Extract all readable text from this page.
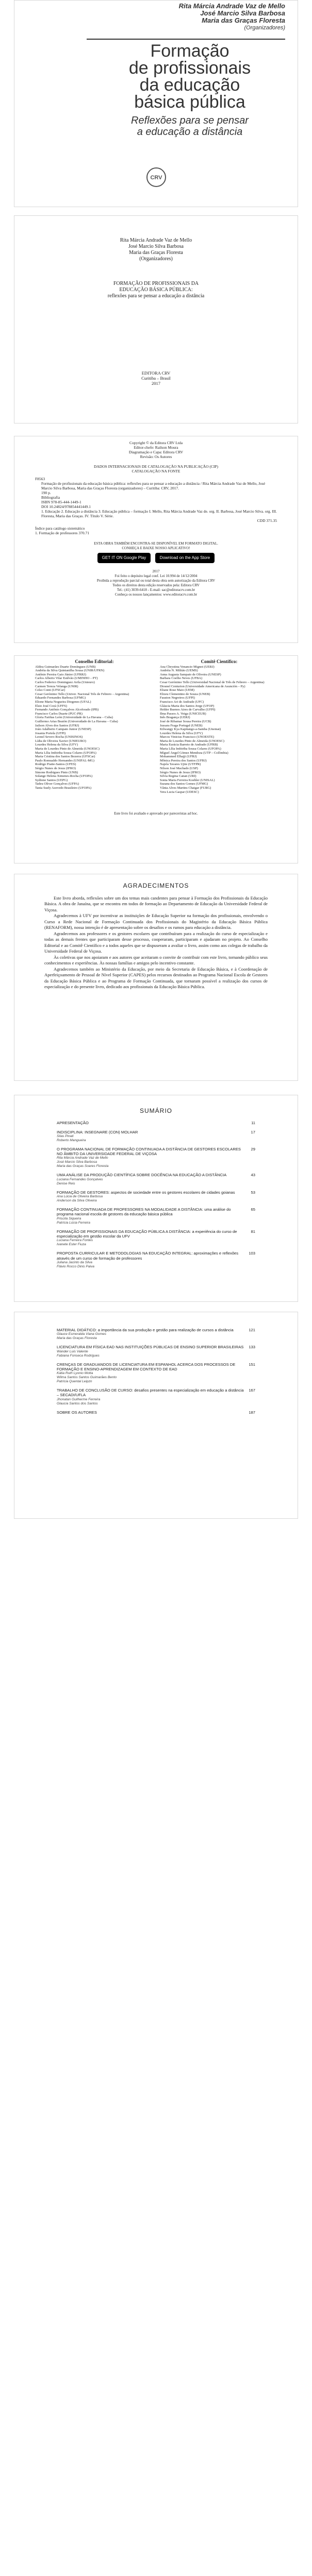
Rita Márcia Andrade Vaz de Mello
José Marcio Silva Barbosa
Maria das Graças Floresta
(Organizadores)
Formação
de profissionais
da educação
básica pública
Reflexões para se pensar
a educação a distância
CRV
Rita Márcia Andrade Vaz de Mello
José Marcio Silva Barbosa
Maria das Graças Floresta
(Organizadores)
FORMAÇÃO DE PROFISSIONAIS DA
EDUCAÇÃO BÁSICA PÚBLICA:
reflexões para se pensar a educação a distância
EDITORA CRV
Curitiba – Brasil
2017
Copyright © da Editora CRV Ltda
Editor-chefe: Railson Moura
Diagramação e Capa: Editora CRV
Revisão: Os Autores
DADOS INTERNACIONAIS DE CATALOGAÇÃO NA PUBLICAÇÃO (CIP)
CATALOGAÇÃO NA FONTE
F8563
Formação de profissionais da educação básica pública: reflexões para se pensar a educação a distância / Rita Márcia Andrade Vaz de Mello, José Marcio Silva Barbosa, Maria das Graças Floresta (organizadores) – Curitiba: CRV, 2017.
190 p.
Bibliografia
ISBN 978-85-444-1449-1
DOI 10.24824/978854441449.1
1. Educação 2. Educação a distância 3. Educação pública – formação I. Mello, Rita Márcia Andrade Vaz de. org. II. Barbosa, José Marcio Silva. org. III. Floresta, Maria das Graças. IV. Título V. Série.
CDD 371.35
Índice para catálogo sistemático
1. Formação de professores 370.71
ESTA OBRA TAMBÉM ENCONTRA-SE DISPONÍVEL EM FORMATO DIGITAL.
CONHEÇA E BAIXE NOSSO APLICATIVO!
GET IT ON Google Play	Download on the App Store
2017
Foi feito o depósito legal conf. Lei 10.994 de 14/12/2004
Proibida a reprodução parcial ou total desta obra sem autorização da Editora CRV
Todos os direitos desta edição reservados pela: Editora CRV
Tel.: (41) 3039-6418 - E-mail: sac@editoracrv.com.br
Conheça os nossos lançamentos: www.editoracrv.com.br
Conselho Editorial:
Aldira Guimarães Duarte Domínguez (UNB)
Andréia da Silva Quintanilha Sousa (UNIR/UFRN)
Antônio Pereira Gaio Júnior (UFRRJ)
Carlos Alberto Vilar Estêvão (UMINHO – PT)
Carlos Federico Dominguez Avila (Unieuro)
Carmen Tereza Velanga (UNIR)
Celso Conti (UFSCar)
Cesar Gerónimo Tello (Univer. Nacional Três de Febrero – Argentina)
Eduardo Fernandes Barbosa (UFMG)
Elione Maria Nogueira Diogenes (UFAL)
Élsio José Corá (UFFS)
Fernando Antônio Gonçalves Alcoforado (IPB)
Francisco Carlos Duarte (PUC-PR)
Gloria Fariñas León (Universidade de La Havana – Cuba)
Guillermo Arias Beatón (Universidade de La Havana – Cuba)
Jailson Alves dos Santos (UFRJ)
João Adalberto Campato Junior (UNESP)
Josania Portela (UFPI)
Leonel Severo Rocha (UNISINOS)
Lídia de Oliveira Xavier (UNIEURO)
Lourdes Helena da Silva (UFV)
Maria de Lourdes Pinto de Almeida (UNOESC)
Maria Lília Imbiriba Sousa Colares (UFOPA)
Maria Cristina dos Santos Bezerra (UFSCar)
Paulo Romualdo Hernandes (UNIFAL-MG)
Rodrigo Pratte-Santos (UFES)
Sérgio Nunes de Jesus (IFRO)
Simone Rodrigues Pinto (UNB)
Solange Helena Ximenes-Rocha (UFOPA)
Sydione Santos (UEPG)
Tadeu Oliver Gonçalves (UFPA)
Tania Suely Azevedo Brasileiro (UFOPA)
Comitê Científico:
Ana Chrystina Venancio Mignot (UERJ)
Andréia N. Militão (UEMS)
Anna Augusta Sampaio de Oliveira (UNESP)
Barbara Coelho Neves (UFBA)
Cesar Gerónimo Tello (Universidad Nacional de Três de Febrero – Argentina)
Diosnel Centurion (Universidade Americana de Asunción – Py)
Eliane Rose Maio (UEM)
Elizeu Clementino de Souza (UNEB)
Fauston Negreiros (UFPI)
Francisco Ari de Andrade (UFC)
Gláucia Maria dos Santos Jorge (UFOP)
Helder Buenos Aires de Carvalho (UFPI)
Ilma Passos A. Veiga (UNICEUB)
Inês Bragança (UERJ)
José de Ribamar Sousa Pereira (UCB)
Jussara Fraga Portugal (UNEB)
Kilwangy Kya Kapitango-a-Samba (Unemat)
Lourdes Helena da Silva (UFV)
Marcos Vinicius Francisco (UNOESTE)
Maria de Lourdes Pinto de Almeida (UNOESC)
Maria Eurácia Barreto de Andrade (UFRB)
Maria Lília Imbiriba Sousa Colares (UFOPA)
Míguel Ángel Gómez Mendoza (UTP – Colômbia)
Mohammed Elhajji (UFRJ)
Mônica Pereira dos Santos (UFRJ)
Najela Tavares Ujiie (UTFPR)
Nilson José Machado (USP)
Sérgio Nunes de Jesus (IFRO)
Silvia Regina Canan (URI)
Sonia Maria Ferreira Koehler (UNISAL)
Suzana dos Santos Gomes (UFMG)
Vânia Alves Martins Chaigar (FURG)
Vera Lucia Gaspar (UDESC)
Este livro foi avaliado e aprovado por pareceristas ad hoc.
AGRADECIMENTOS

Este livro aborda, reflexões sobre um dos temas mais candentes para pensar à Formação dos Profissionais da Educação Básica. A obra de Janaína, que se encontra em todos de formação ao Departamento de Educação da Universidade Federal de Viçosa.

Agradecemos à UFV por incentivar as instituições de Educação Superior na formação dos profissionais, envolvendo o Curso a Rede Nacional de Formação Continuada dos Profissionais do Magistério da Educação Básica Pública (RENAFORM), nossa intenção é de apresentação sobre os desafios e os rumos para educação a distância.

Agradecemos aos professores e os gestores escolares que contribuíram para a realização do curso de especialização e todas as demais frentes que participaram desse processo, cooperaram, participaram e ajudaram no projeto. Ao Conselho Editorial e ao Comitê Científico e a todos aqueles que se dispuseram a avaliar o livro, assim como aos colegas de trabalho da Universidade Federal de Viçosa.

Às coletivas que nos apoiaram e aos autores que aceitaram o convite de contribuir com este livro, tornando público seus conhecimentos e experiências. Às nossas famílias e amigos pelo incentivo constante.

Agradecemos também ao Ministério da Educação, por meio da Secretaria de Educação Básica, e à Coordenação de Aperfeiçoamento de Pessoal de Nível Superior (CAPES) pelos recursos destinados ao Programa Nacional Escola de Gestores da Educação Básica Pública e ao Programa de Formação Continuada, que tornaram possível a realização dos cursos de especialização e do presente livro, dedicado aos profissionais da Educação Básica Pública.

SUMÁRIO
APRESENTAÇÃO	11
INDISCIPLINA: INSEGNARE (CON) MOLHAR	17
Silas Pinati
Roberto Mangueira
O PROGRAMA NACIONAL DE FORMAÇÃO CONTINUADA A DISTÂNCIA DE GESTORES ESCOLARES NO ÂMBITO DA UNIVERSIDADE FEDERAL DE VIÇOSA
29
Rita Márcia Andrade Vaz de Mello
José Marcio Silva Barbosa
Maria das Graças Soares Floresta
UMA ANÁLISE DA PRODUÇÃO CIENTÍFICA SOBRE DOCÊNCIA NA EDUCAÇÃO A DISTÂNCIA	43
Luciana Fernandes Gonçalves
Denise Reis
FORMAÇÃO DE GESTORES: aspectos de sociedade entre os gestores escolares de cidades goianas	53
Ana Lúcia de Oliveira Barbosa
Anderson da Silva Oliveira
FORMAÇÃO CONTINUADA DE PROFESSORES NA MODALIDADE A DISTÂNCIA: uma análise do programa nacional escola de gestores da educação básica pública
65
Priscila Siqueira
Patrícia Lúcia Ferreira
FORMAÇÃO DE PROFISSIONAIS DA EDUCAÇÃO PÚBLICA A DISTÂNCIA: a experiência do curso de especialização em gestão escolar da UFV
81
Luciana Ferreira Fontes
Ivanete Ester Fiuza
PROPOSTA CURRICULAR E METODOLOGIAS NA EDUCAÇÃO INTEGRAL: aproximações e reflexões através de um curso de formação de professores
103
Juliana Jacinto da Silva
Flávio Rocco Dinis Paiva
MATERIAL DIDÁTICO: a importância da sua produção e gestão para realização de cursos a distância	121
Glauce Esmeralda Viana Gomes
Maria das Graças Floresta
LICENCIATURA EM FÍSICA EAD NAS INSTITUIÇÕES PÚBLICAS DE ENSINO SUPERIOR BRASILEIRAS	133
Wander Luis Valente
Fabiana Fonseca Rodrigues
CRENÇAS DE GRADUANDOS DE LICENCIATURA EM ESPANHOL ACERCA DOS PROCESSOS DE FORMAÇÃO E ENSINO-APRENDIZAGEM EM CONTEXTO DE EAD
151
Kátia Ruth Lyonio Motta
Wilma Santos Santos Guimarães Bento
Patrícia Quental Leipzn
TRABALHO DE CONCLUSÃO DE CURSO: desafios presentes na especialização em educação a distância – SECADI/UFLA
167
Jhonatan Guilherme Ferreira
Glaucia Santos dos Santos
SOBRE OS AUTORES	187
